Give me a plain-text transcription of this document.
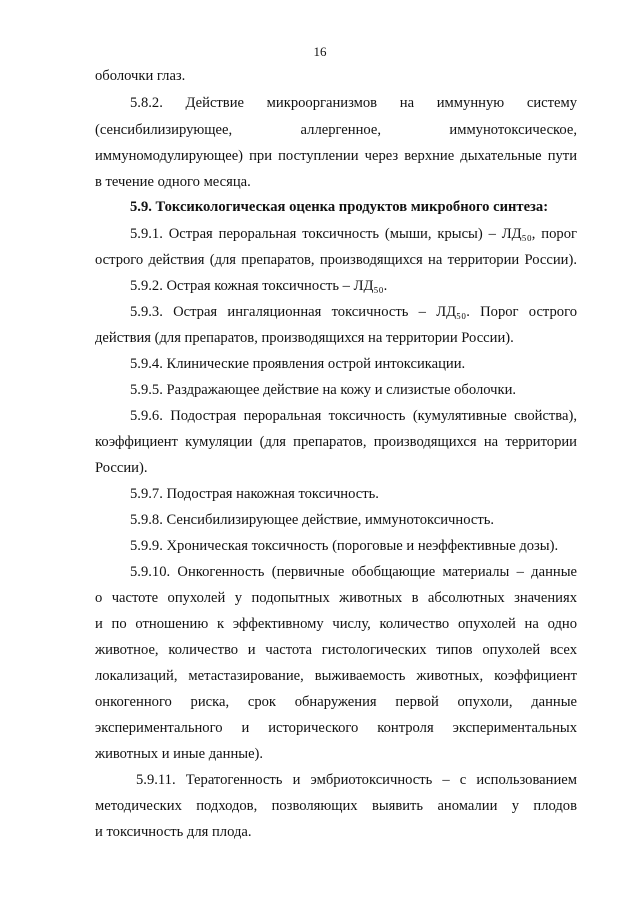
16
оболочки глаз.
5.8.2. Действие микроорганизмов на иммунную систему
(сенсибилизирующее, аллергенное, иммунотоксическое,
иммуномодулирующее) при поступлении через верхние дыхательные пути
в течение одного месяца.
5.9. Токсикологическая оценка продуктов микробного синтеза:
5.9.1. Острая пероральная токсичность (мыши, крысы) – ЛД₅₀, порог
острого действия (для препаратов, производящихся на территории России).
5.9.2. Острая кожная токсичность – ЛД₅₀.
5.9.3. Острая ингаляционная токсичность – ЛД₅₀. Порог острого
действия (для препаратов, производящихся на территории России).
5.9.4. Клинические проявления острой интоксикации.
5.9.5. Раздражающее действие на кожу и слизистые оболочки.
5.9.6. Подострая пероральная токсичность (кумулятивные свойства),
коэффициент кумуляции (для препаратов, производящихся на территории
России).
5.9.7. Подострая накожная токсичность.
5.9.8. Сенсибилизирующее действие, иммунотоксичность.
5.9.9. Хроническая токсичность (пороговые и неэффективные дозы).
5.9.10. Онкогенность (первичные обобщающие материалы – данные
о частоте опухолей у подопытных животных в абсолютных значениях
и по отношению к эффективному числу, количество опухолей на одно
животное, количество и частота гистологических типов опухолей всех
локализаций, метастазирование, выживаемость животных, коэффициент
онкогенного риска, срок обнаружения первой опухоли, данные
экспериментального и исторического контроля экспериментальных
животных и иные данные).
5.9.11. Тератогенность и эмбриотоксичность – с использованием
методических подходов, позволяющих выявить аномалии у плодов
и токсичность для плода.
